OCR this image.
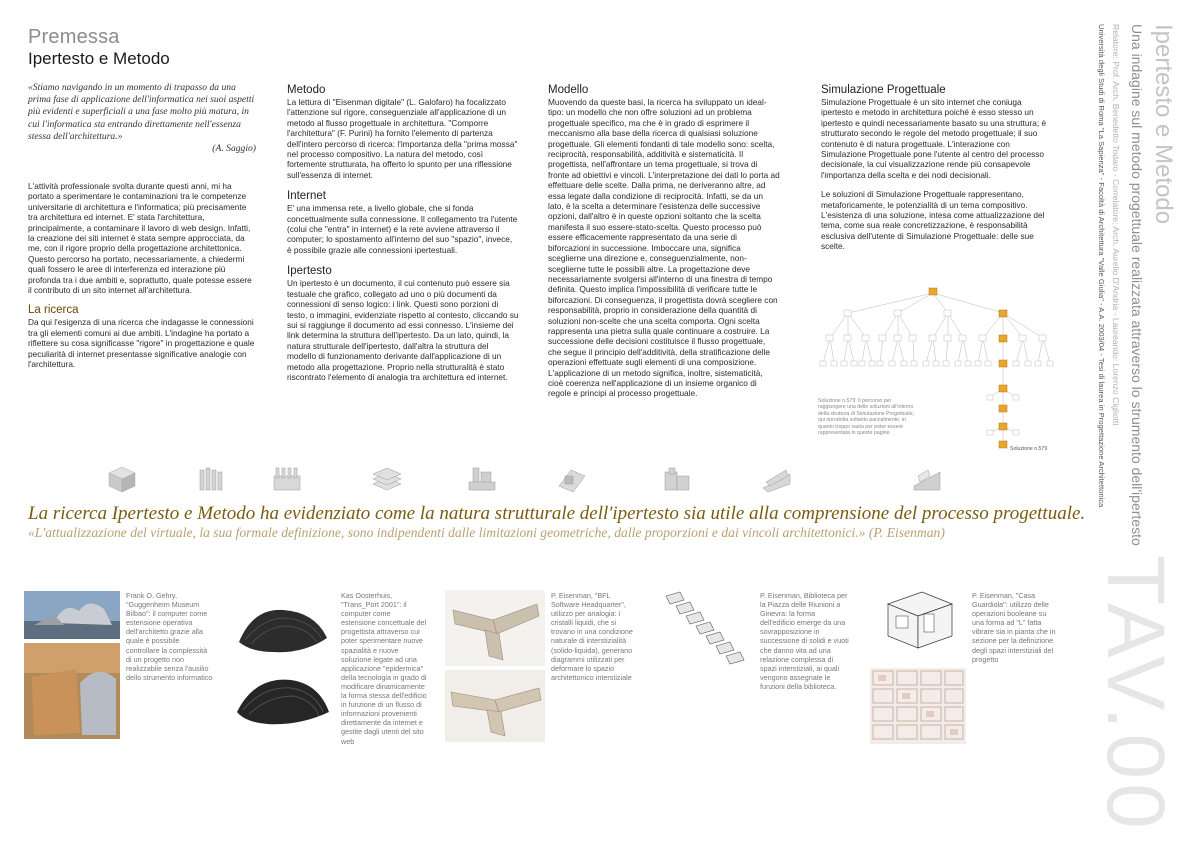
Premessa
Ipertesto e Metodo
«Stiamo navigando in un momento di trapasso da una prima fase di applicazione dell'informatica nei suoi aspetti più evidenti e superficiali a una fase molto più matura, in cui l'informatica sta entrando direttamente nell'essenza stessa dell'architettura.»
(A. Saggio)

L'attività professionale svolta durante questi anni, mi ha portato a sperimentare le contaminazioni tra le competenze universitarie di architettura e l'informatica; più precisamente tra architettura ed internet. E' stata l'architettura, principalmente, a contaminare il lavoro di web design. Infatti, la creazione dei siti internet è stata sempre approcciata, da me, con il rigore proprio della progettazione architettonica. Questo percorso ha portato, necessariamente, a chiedermi quali fossero le aree di interferenza ed interazione più profonda tra i due ambiti e, soprattutto, quale potesse essere il contributo di un sito internet all'architettura.

La ricerca

Da qui l'esigenza di una ricerca che indagasse le connessioni tra gli elementi comuni ai due ambiti. L'indagine ha portato a riflettere su cosa significasse "rigore" in progettazione e quale peculiarità di internet presentasse significative analogie con l'architettura.

Metodo

La lettura di "Eisenman digitale" (L. Galofaro) ha focalizzato l'attenzione sul rigore, conseguenziale all'applicazione di un metodo al flusso progettuale in architettura. "Comporre l'architettura" (F. Purini) ha fornito l'elemento di partenza dell'intero percorso di ricerca: l'importanza della "prima mossa" nel processo compositivo. La natura del metodo, così fortemente strutturata, ha offerto lo spunto per una riflessione sull'essenza di internet.

Internet

E' una immensa rete, a livello globale, che si fonda concettualmente sulla connessione. Il collegamento tra l'utente (colui che "entra" in internet) e la rete avviene attraverso il computer; lo spostamento all'interno del suo "spazio", invece, è possibile grazie alle connessioni ipertestuali.

Ipertesto

Un ipertesto è un documento, il cui contenuto può essere sia testuale che grafico, collegato ad uno o più documenti da connessioni di senso logico: i link. Questi sono porzioni di testo, o immagini, evidenziate rispetto al contesto, cliccando su sui si raggiunge il documento ad essi connesso. L'insieme dei link determina la struttura dell'ipertesto. Da un lato, quindi, la natura strutturale dell'ipertesto, dall'altra la struttura del modello di funzionamento derivante dall'applicazione di un metodo alla progettazione. Proprio nella strutturalità è stato riscontrato l'elemento di analogia tra architettura ed internet.

Modello

Muovendo da queste basi, la ricerca ha sviluppato un ideal-tipo: un modello che non offre soluzioni ad un problema progettuale specifico, ma che è in grado di esprimere il meccanismo alla base della ricerca di qualsiasi soluzione progettuale. Gli elementi fondanti di tale modello sono: scelta, reciprocità, responsabilità, additività e sistematicità. Il progettista, nell'affrontare un tema progettuale, si trova di fronte ad obiettivi e vincoli. L'interpretazione dei dati lo porta ad effettuare delle scelte. Dalla prima, ne deriveranno altre, ad essa legate dalla condizione di reciprocità. Infatti, se da un lato, è la scelta a determinare l'esistenza delle successive opzioni, dall'altro è in queste opzioni soltanto che la scelta manifesta il suo essere-stato-scelta. Questo processo può essere efficacemente rappresentato da una serie di biforcazioni in successione. Imboccare una, significa sceglierne una direzione e, conseguenzialmente, non-sceglierne tutte le possibili altre. La progettazione deve necessariamente svolgersi all'interno di una finestra di tempo definita. Questo implica l'impossibilità di verificare tutte le biforcazioni. Di conseguenza, il progettista dovrà scegliere con responsabilità, proprio in considerazione della quantità di soluzioni non-scelte che una scelta comporta. Ogni scelta rappresenta una pietra sulla quale continuare a costruire. La successione delle decisioni costituisce il flusso progettuale, che segue il principio dell'additività, della stratificazione delle operazioni effettuate sugli elementi di una composizione. L'applicazione di un metodo significa, inoltre, sistematicità, cioè coerenza nell'applicazione di un insieme organico di regole e principi al processo progettuale.

Simulazione Progettuale

Simulazione Progettuale è un sito internet che coniuga ipertesto e metodo in architettura poiché è esso stesso un ipertesto e quindi necessariamente basato su una struttura; è strutturato secondo le regole del metodo progettuale; il suo contenuto è di natura progettuale. L'interazione con Simulazione Progettuale pone l'utente al centro del processo decisionale, la cui visualizzazione rende più consapevole l'importanza della scelta e dei nodi decisionali.

Le soluzioni di Simulazione Progettuale rappresentano, metaforicamente, le potenzialità di un tema compositivo. L'esistenza di una soluzione, intesa come attualizzazione del tema, come sua reale concretizzazione, è responsabilità esclusiva dell'utente di Simulazione Progettuale: delle sue scelte.

Soluzione n.579: Il percorso per raggiungere una delle soluzioni all'interno della struttura di Simulazione Progettuale, qui riprodotta soltanto parzialmente, in quanto troppo vasta per poter essere rappresentata in queste pagine.
Soluzione n.579
Ipertesto e Metodo
Una indagine sul metodo progettuale realizzata attraverso lo strumento dell'ipertesto
Relatore: Prof. Arch. Benedetto Todaro - Correlatore: Arch. Aurelio D'Andria - Laureando: Lorenzo Cigliotti
Università degli Studi di Roma "La Sapienza" - Facoltà di Architettura "Valle Giulia" - A.A. 2003/04 - Tesi di laurea in Progettazione Architettonica
TAV.00
La ricerca Ipertesto e Metodo ha evidenziato come la natura strutturale dell'ipertesto sia utile alla comprensione del processo progettuale.
«L'attualizzazione del virtuale, la sua formale definizione, sono indipendenti dalle limitazioni geometriche, dalle proporzioni e dai vincoli architettonici.» (P. Eisenman)
Frank O. Gehry, "Guggenheim Museum Bilbao": il computer come estensione operativa dell'architetto grazie alla quale è possibile controllare la complessità di un progetto non realizzabile senza l'ausilio dello strumento informatico
Kas Oosterhuis, "Trans_Port 2001": il computer come estensione concettuale del progettista attraverso cui poter sperimentare nuove spazialità e nuove soluzione legate ad una applicazione "epidermica" della tecnologia in grado di modificare dinamicamente la forma stessa dell'edificio in funzione di un flusso di informazioni provenienti direttamente da internet e gestite dagli utenti del sito web
P. Eisenman, "BFL Software Headquarter", utilizzo per analogia: i cristalli liquidi, che si trovano in una condizione naturale di interstizialità (solido-liquida), generano diagrammi utilizzati per deformare lo spazio architettonico interstiziale
P. Eisenman, Biblioteca per la Piazza delle Riunioni a Ginevra: la forma dell'edificio emerge da una sovrapposizione in successione di solidi e vuoti che danno vita ad una relazione complessa di spazi interstiziali, ai quali vengono assegnate le funzioni della biblioteca.
P. Eisenman, "Casa Guardiola": utilizzo delle operazioni booleane su una forma ad "L" fatta vibrare sia in pianta che in sezione per la definizione degli spazi interstiziali del progetto
